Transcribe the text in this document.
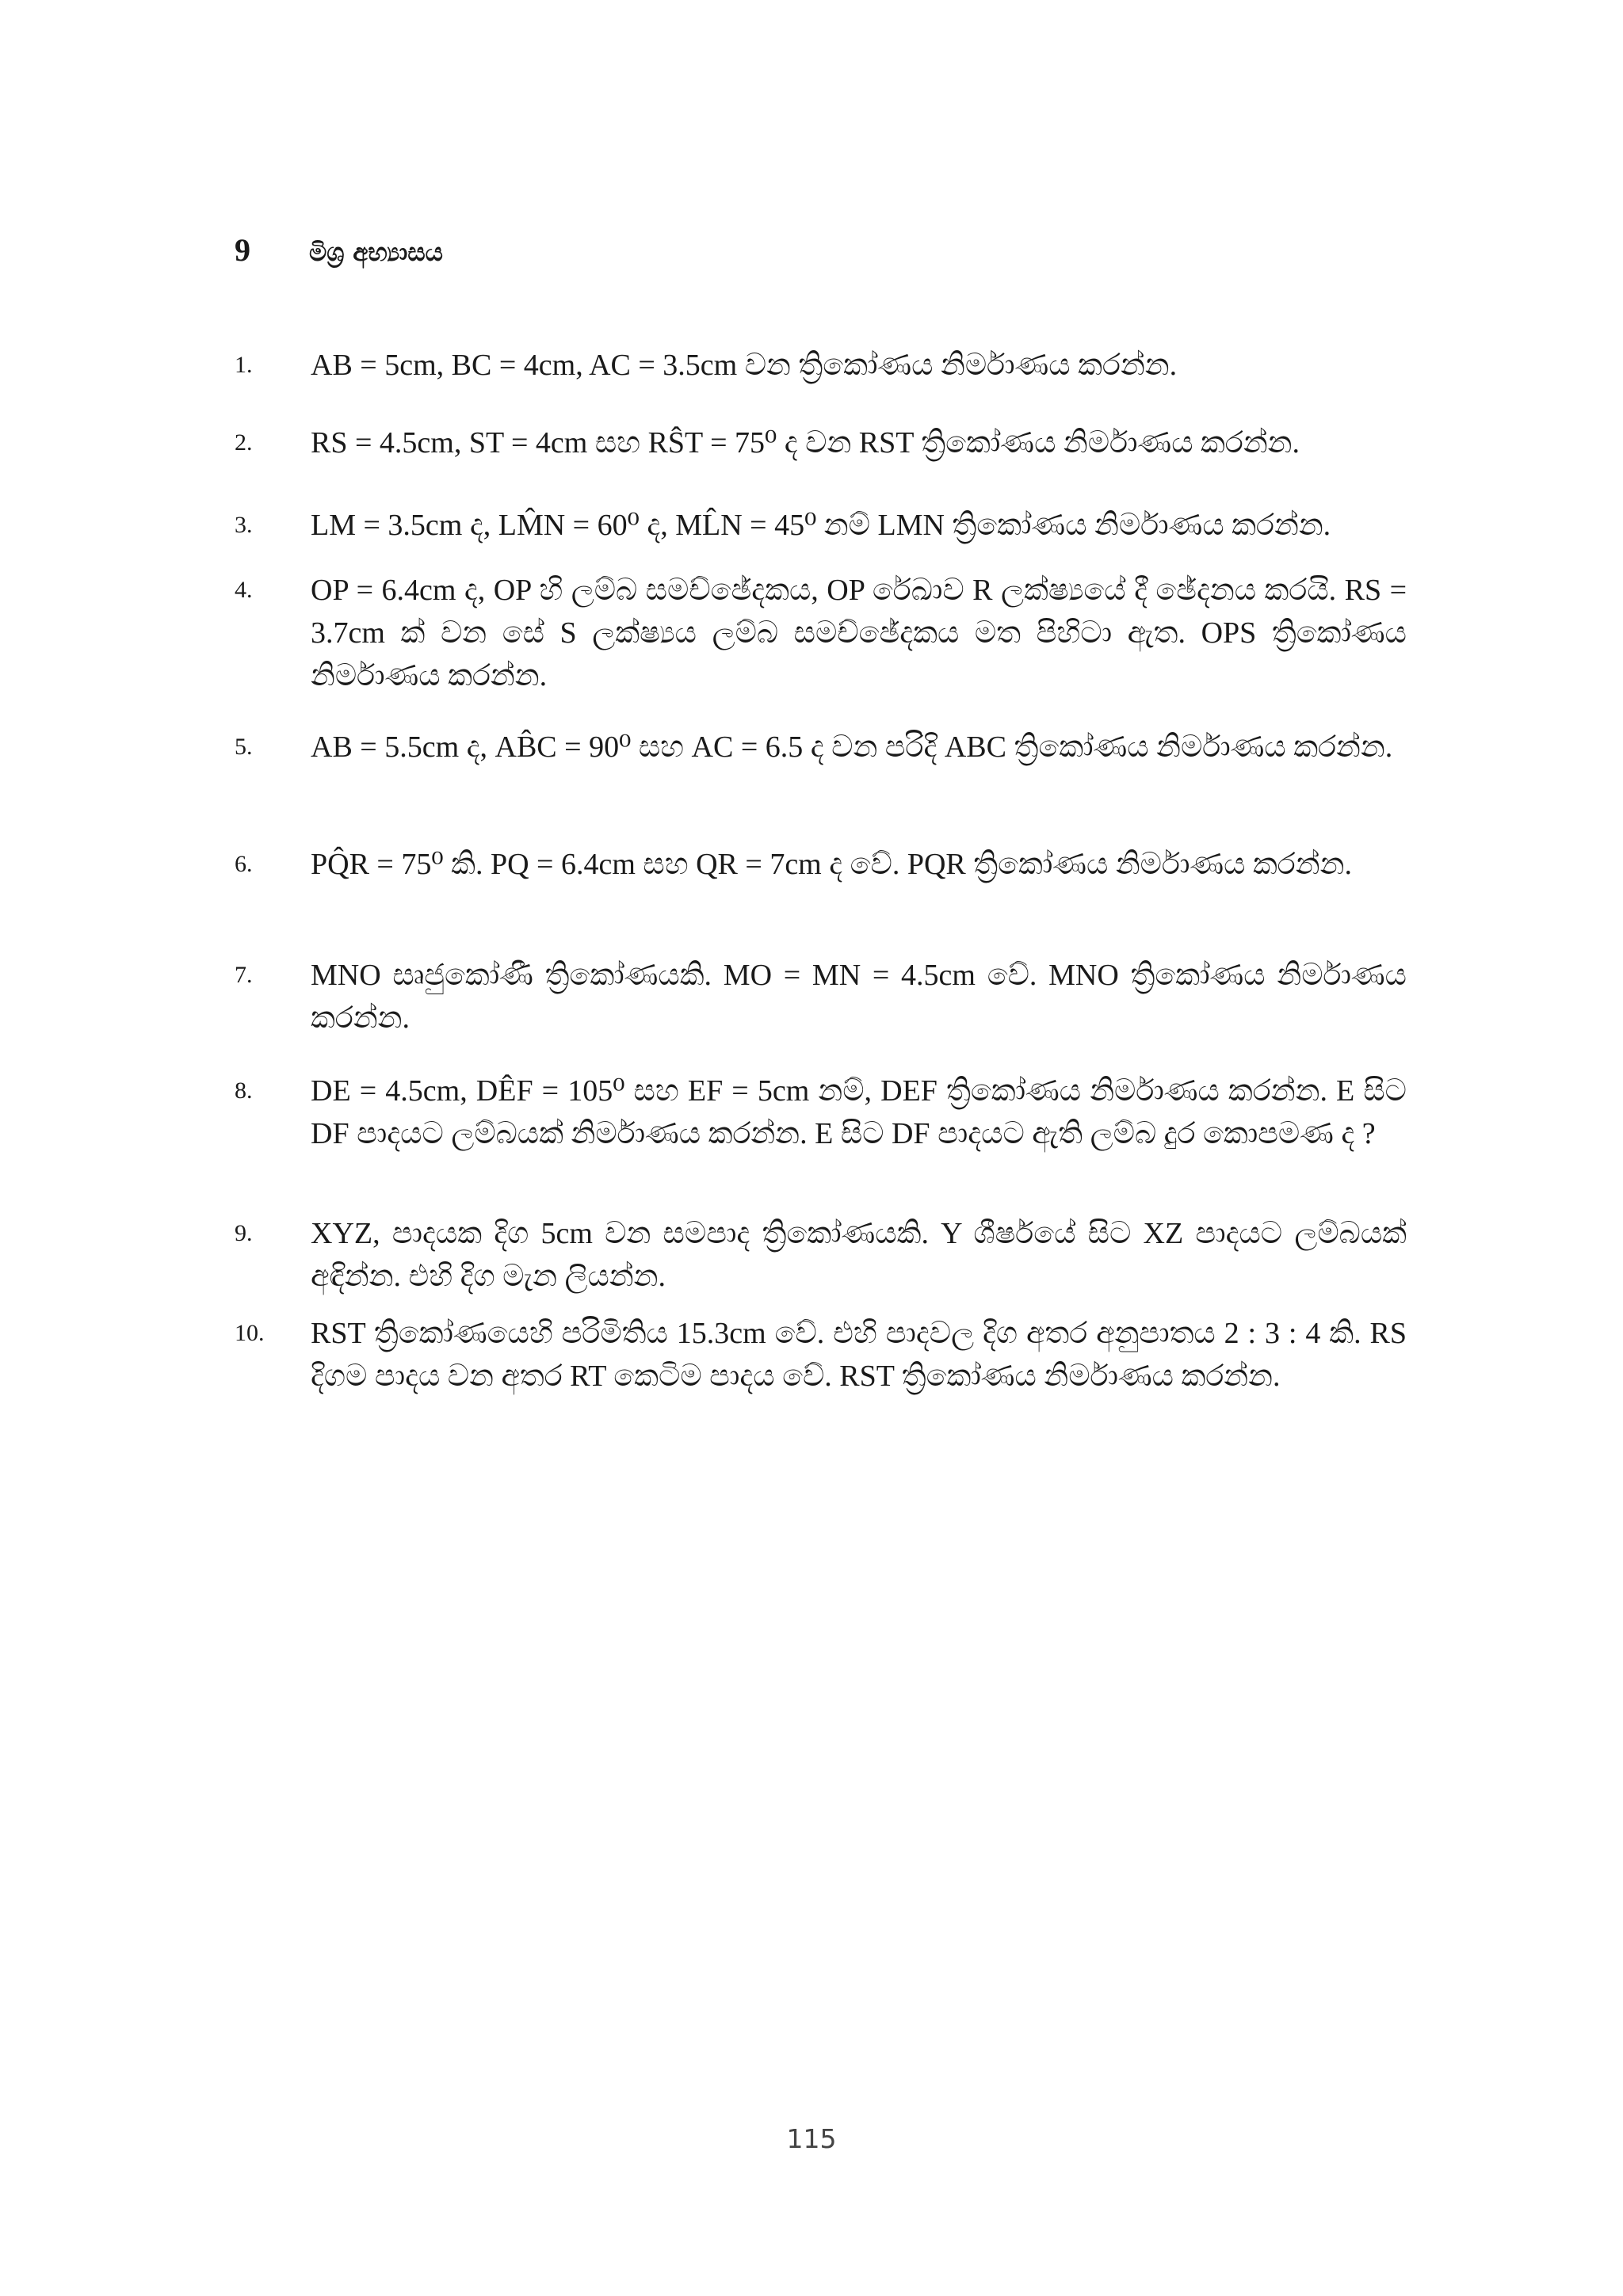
9	මිශ්‍ර අභ්‍යාසය
1.	AB = 5cm, BC = 4cm, AC = 3.5cm වන ත්‍රිකෝණය නිර්මාණය කරන්න.
2.	RS = 4.5cm, ST = 4cm සහ RŜT = 75⁰ ද වන RST ත්‍රිකෝණය නිර්මාණය කරන්න.
3.	LM = 3.5cm ද, LM̂N = 60⁰ ද, ML̂N = 45⁰ නම් LMN ත්‍රිකෝණය නිර්මාණය කරන්න.
4.	OP = 6.4cm ද, OP හි ලම්බ සමච්ඡේදකය, OP රේඛාව R ලක්ෂ්‍යයේ දී ඡේදනය කරයි. RS = 3.7cm ක් වන සේ S ලක්ෂ්‍යය ලම්බ සමච්ඡේදකය මත පිහිටා ඇත. OPS ත්‍රිකෝණය නිර්මාණය කරන්න.
5.	AB = 5.5cm ද, AB̂C = 90⁰ සහ AC = 6.5 ද වන පරිදි ABC ත්‍රිකෝණය නිර්මාණය කරන්න.
6.	PQ̂R = 75⁰ කි. PQ = 6.4cm සහ QR = 7cm ද වේ. PQR ත්‍රිකෝණය නිර්මාණය කරන්න.
7.	MNO සෘජුකෝණී ත්‍රිකෝණයකි. MO = MN = 4.5cm වේ. MNO ත්‍රිකෝණය නිර්මාණය කරන්න.
8.	DE = 4.5cm, DÊF = 105⁰ සහ EF = 5cm නම්, DEF ත්‍රිකෝණය නිර්මාණය කරන්න. E සිට DF පාදයට ලම්බයක් නිර්මාණය කරන්න. E සිට DF පාදයට ඇති ලම්බ දුර කොපමණ ද ?
9.	XYZ, පාදයක දිග 5cm වන සමපාද ත්‍රිකෝණයකි. Y ශීර්ෂයේ සිට XZ පාදයට ලම්බයක් අඳින්න. එහි දිග මැන ලියන්න.
10.	RST ත්‍රිකෝණයෙහි පරිමිතිය 15.3cm වේ. එහි පාදවල දිග අතර අනුපාතය 2 : 3 : 4 කි. RS දිගම පාදය වන අතර RT කෙටිම පාදය වේ. RST ත්‍රිකෝණය නිර්මාණය කරන්න.
115
